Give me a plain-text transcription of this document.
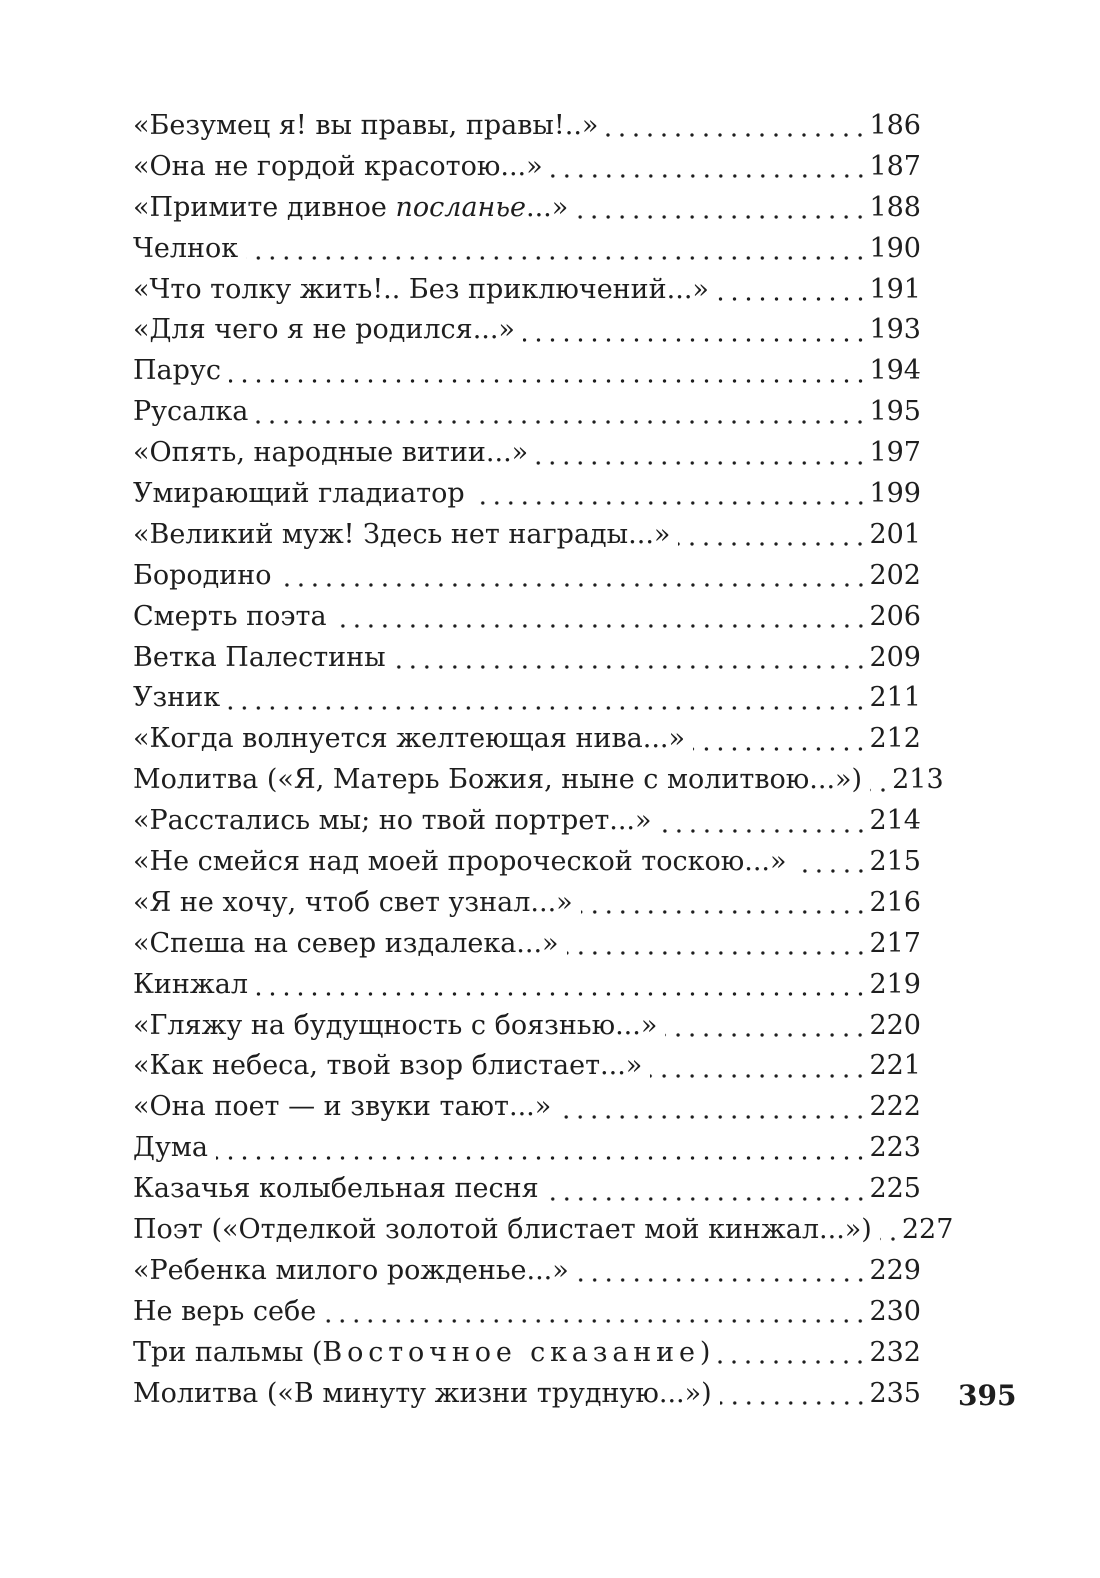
«Безумец я! вы правы, правы!..»	186
«Она не гордой красотою...»	187
«Примите дивное посланье...»	188
Челнок	190
«Что толку жить!.. Без приключений...»	191
«Для чего я не родился...»	193
Парус	194
Русалка	195
«Опять, народные витии...»	197
Умирающий гладиатор	199
«Великий муж! Здесь нет награды...»	201
Бородино	202
Смерть поэта	206
Ветка Палестины	209
Узник	211
«Когда волнуется желтеющая нива...»	212
Молитва («Я, Матерь Божия, ныне с молитвою...») 213
«Расстались мы; но твой портрет...»	214
«Не смейся над моей пророческой тоскою...»	215
«Я не хочу, чтоб свет узнал...»	216
«Спеша на север издалека...»	217
Кинжал	219
«Гляжу на будущность с боязнью...»	220
«Как небеса, твой взор блистает...»	221
«Она поет — и звуки тают...»	222
Дума	223
Казачья колыбельная песня	225
Поэт («Отделкой золотой блистает мой кинжал...») 227
«Ребенка милого рожденье...»	229
Не верь себе	230
Три пальмы (Восточное сказание)	232
Молитва («В минуту жизни трудную...»)	235 395
